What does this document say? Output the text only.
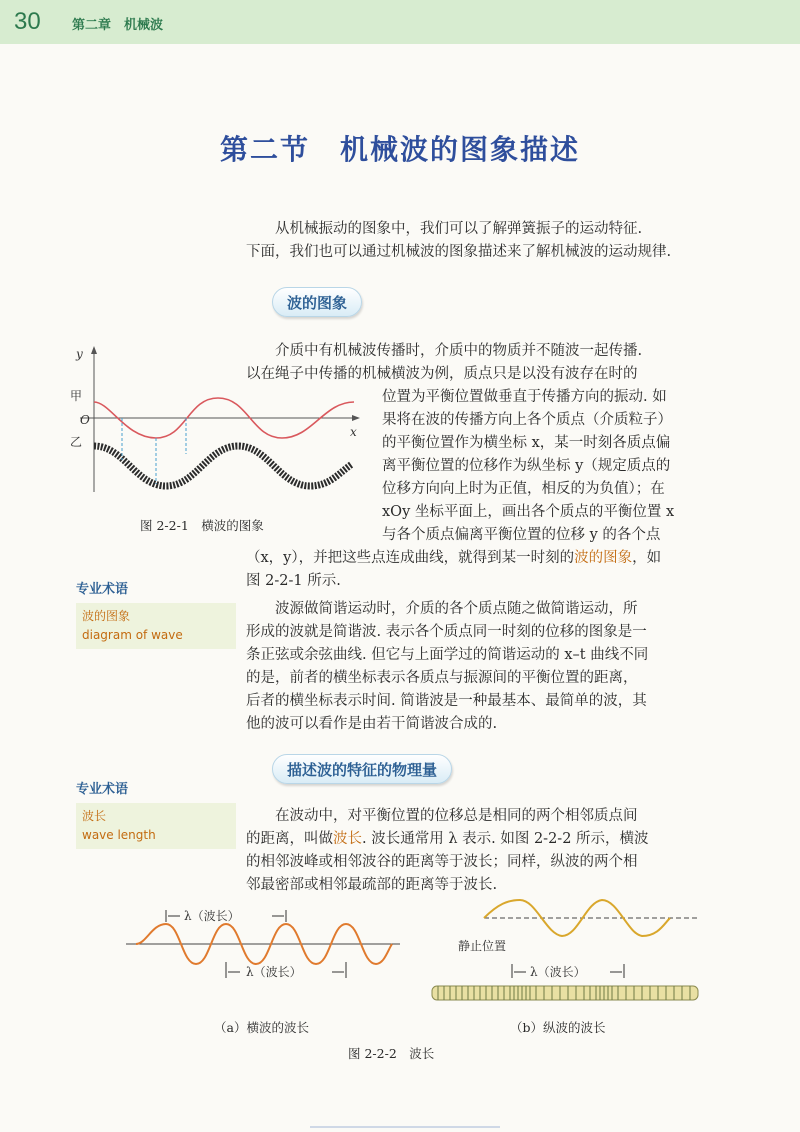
30 第二章　机械波
第二节　机械波的图象描述

从机械振动的图象中，我们可以了解弹簧振子的运动特征.

下面，我们也可以通过机械波的图象描述来了解机械波的运动规律.

波的图象
y
x
O
甲
乙
图 2-2-1　横波的图象

介质中有机械波传播时，介质中的物质并不随波一起传播.

以在绳子中传播的机械横波为例，质点只是以没有波存在时的

位置为平衡位置做垂直于传播方向的振动. 如

果将在波的传播方向上各个质点（介质粒子）

的平衡位置作为横坐标 x，某一时刻各质点偏

离平衡位置的位移作为纵坐标 y（规定质点的

位移方向向上时为正值，相反的为负值）；在

xOy 坐标平面上，画出各个质点的平衡位置 x

与各个质点偏离平衡位置的位移 y 的各个点

（x，y），并把这些点连成曲线，就得到某一时刻的波的图象，如

图 2-2-1 所示.

专业术语
波的图象
diagram of wave

波源做简谐运动时，介质的各个质点随之做简谐运动，所

形成的波就是简谐波. 表示各个质点同一时刻的位移的图象是一

条正弦或余弦曲线. 但它与上面学过的简谐运动的 x–t 曲线不同

的是，前者的横坐标表示各质点与振源间的平衡位置的距离，

后者的横坐标表示时间. 简谐波是一种最基本、最简单的波，其

他的波可以看作是由若干简谐波合成的.

描述波的特征的物理量
专业术语
波长
wave length

在波动中，对平衡位置的位移总是相同的两个相邻质点间

的距离，叫做波长. 波长通常用 λ 表示. 如图 2-2-2 所示，横波

的相邻波峰或相邻波谷的距离等于波长；同样，纵波的两个相

邻最密部或相邻最疏部的距离等于波长.

λ（波长）
λ（波长）
（a）横波的波长
静止位置
λ（波长）
（b）纵波的波长
图 2-2-2　波长
